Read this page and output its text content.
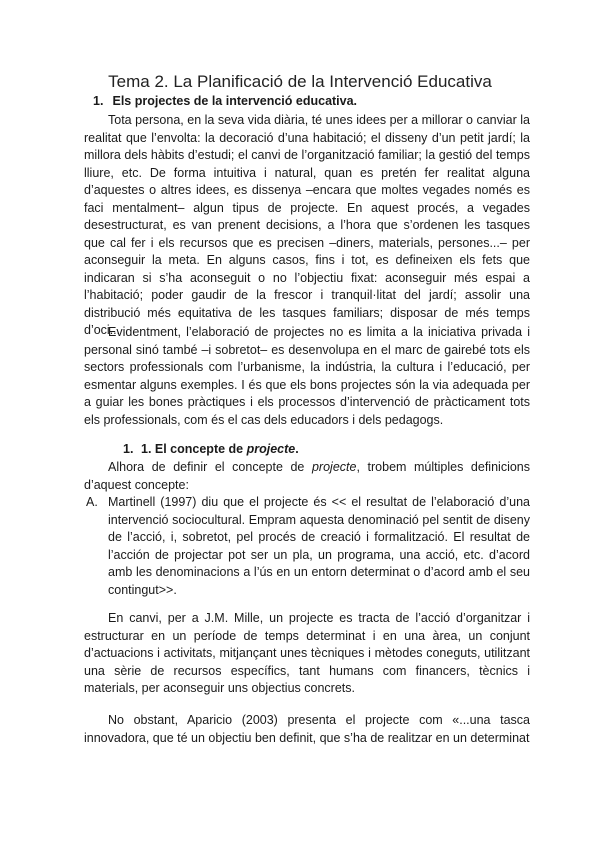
Tema 2. La Planificació de la Intervenció Educativa
1. Els projectes de la intervenció educativa.
Tota persona, en la seva vida diària, té unes idees per a millorar o canviar la realitat que l’envolta: la decoració d’una habitació; el disseny d’un petit jardí; la millora dels hàbits d’estudi; el canvi de l’organització familiar; la gestió del temps lliure, etc. De forma intuitiva i natural, quan es pretén fer realitat alguna d’aquestes o altres idees, es dissenya –encara que moltes vegades només es faci mentalment– algun tipus de projecte. En aquest procés, a vegades desestructurat, es van prenent decisions, a l’hora que s’ordenen les tasques que cal fer i els recursos que es precisen –diners, materials, persones...– per aconseguir la meta. En alguns casos, fins i tot, es defineixen els fets que indicaran si s’ha aconseguit o no l’objectiu fixat: aconseguir més espai a l’habitació; poder gaudir de la frescor i tranquil·litat del jardí; assolir una distribució més equitativa de les tasques familiars; disposar de més temps d’oci...
Evidentment, l’elaboració de projectes no es limita a la iniciativa privada i personal sinó també –i sobretot– es desenvolupa en el marc de gairebé tots els sectors professionals com l’urbanisme, la indústria, la cultura i l’educació, per esmentar alguns exemples. I és que els bons projectes són la via adequada per a guiar les bones pràctiques i els processos d’intervenció de pràcticament tots els professionals, com és el cas dels educadors i dels pedagogs.
1. 1. El concepte de projecte.
Alhora de definir el concepte de projecte, trobem múltiples definicions d’aquest concepte:
A. Martinell (1997) diu que el projecte és << el resultat de l’elaboració d’una intervenció sociocultural. Empram aquesta denominació pel sentit de diseny de l’acció, i, sobretot, pel procés de creació i formalització. El resultat de l’acción de projectar pot ser un pla, un programa, una acció, etc. d’acord amb les denominacions a l’ús en un entorn determinat o d’acord amb el seu contingut>>.
En canvi, per a J.M. Mille, un projecte es tracta de l’acció d’organitzar i estructurar en un període de temps determinat i en una àrea, un conjunt d’actuacions i activitats, mitjançant unes tècniques i mètodes coneguts, utilitzant una sèrie de recursos específics, tant humans com financers, tècnics i materials, per aconseguir uns objectius concrets.
No obstant, Aparicio (2003) presenta el projecte com «...una tasca innovadora, que té un objectiu ben definit, que s’ha de realitzar en un determinat
